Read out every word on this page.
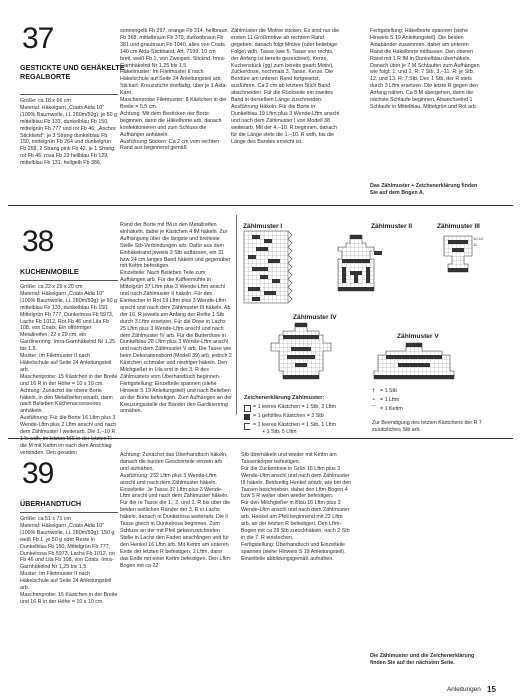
37
GESTICKTE UND GEHÄKELTE REGALBORTE
Größe: ca 18 x 66 cm
Material: Häkelgarn „Coats Aida 10" (100% Baumwolle, LL 280m/50g): je 50 g mittelblau Fb 133, dunkelblau Fb 150, mittelgrün Fb 777 und rot Fb 46; „Anchor Sticktwist": je 3 Strang dunkelblau Fb 150, mittelgrün Fb 264 und dunkelgrün Fb 268, 2 Strang pink Fb 42, je 1 Strang rot Fb 46, rosa Fb 23 hellblau Fb 129, mittelblau Fb 131, hellgelb Fb 386,
sonnengelb Fb 297, orange Fb 314, hellbraun Fb 368, mittelbraun Fb 370, dunkelbraun Fb 381 und graubraun Fb 1040, alles von Coats. 140 cm Aida-Stickband, Art. 7199, 10 cm breit, weiß Fb 1, von Zweigart. Sticknd. Imra-Garnhäkelnd Nr 1,25 bis 1,5.
Häkelmuster: Im Filetmuster II nach Häkelschule auf Seite 24 Anleitungsteil arb.
Stickart: Kreuzstiche dreifädig, über je 1 Aida-Karo.
Maschenprobe Filetmuster: 8 Kästchen in der Breite = 5,5 cm.
Achtung: Mit dem Besticken der Borte beginnen, dann die Häkelborte arb, danach konfektionieren und zum Schluss die Aufhänger anhäkeln.
Ausführung Sticken: Ca 2 cm vom rechten Rand aus beginnend gemäß
Zählmuster die Motive sticken. Es sind nur die ersten 11 Großmotive ab rechtem Rand gegeben, danach folgt Motive (oder beliebige Folge) wdh. Tasse (wie 5. Tasse von rechts, der Anfang ist bereits gezeichnet), Kerze, Kuchenstück (gg) zum bereits gearb Motiv), Zuckerdose, nochmals 3. Tasse, Kerze. Die Bordüre am unteren Rand fortgesetzt, ausführen. Ca 2 cm ab letztem Stich Band abschneiden. Für die Rückseite ein zweites Band in derselben Länge zuschneiden.
Ausführung Häkeln: Für die Borte in Dunkelblau 19 Lftm plus 3 Wende-Lftm anschl und nach dem Zählmuster I von Modell 38 weiterarb. Mit der 4.–10. R beginnen, danach für die Länge stets die 1.–10. R wdh, bis die Länge des Bandes erreicht ist.
Fertigstellung: Häkelborte spannen (siehe Hinweis S 19 Anleitungsteil). Die beiden Aidabänder zusammen, dabei am unteren Rand die Häkelborte mitfassen. Den oberen Rand mit 1 R fM in Dunkelblau überhäkeln. Danach über je 7 M Schlaufen zum Aufhängen wie folgt: 1. und 2. R: 7 Stb, 3.–11. R: je Stb, 12. und 13. R: 7 Stb, Dec 1 Stb, der R stets durch 3 Lftm ersetzen. Die letzte R gegen den Anfang nähen. Ca 8 M übergehen, dann die nächste Schlaufe beginnen. Abwechselnd 1 Schlaufe in Mittelblau, Mittelgrün und Rot arb.
Das Zählmuster + Zeichenerklärung finden Sie auf dem Bogen A.
38
KÜCHENMOBILE
Größe: ca 22 x 29 x 20 cm
Material: Häkelgarn „Coats Aida 10" (100% Baumwolle, LL 280m/50g): je 50 g mittelblau Fb 133, dunkelblau Fb 150, Mittelgrün Fb 777, Dunkelrosa Fb 5973, Lachs Fb 1012, Rot Fb 46 und Lila Fb 108, von Coats. Ein offörmiger Metallreifen, 22 x 29 cm, ein Gardinenring. Imra-Garnhäkelnd Nr 1,25 bis 1,5.
Muster: Im Filetmuster II nach Häkelschule auf Seite 24 Anleitungsteil arb.
Maschenprobe: 15 Kästchen in der Breite und 16 R in der Höhe = 10 x 10 cm.
Achtung: Zunächst die obere Borte häkeln, in den Metallreifen einarb, dann nach Belieben Küchenaccessoires anhäkeln.
Ausführung: Für die Borte 16 Lftm plus 3 Wende-Lftm plus 2 Lftm anschl und nach dem Zählmuster I weiterarb. Die 1.–10 R          die M mit Kettm im nach dem Anschlag verbinden. Den geraden
Rand der Borte mit fM in den Metallreifen einhäkeln, dabei je Kästchen 4 fM häkeln. Zur Aufhängung über die längste und breiteste Stelle Stb-Verbindungen arb. Dafür aus dem Einhäkelrand jeweils 3 Stb auffassen, ein 31 bzw 24 cm langes Band häkeln und gegenüber mit Kettm befestigen.
Einzelteile: Nach Belieben Teile zum Aufhängen arb. Für die Kaffeemühle in Mittelgrün 37 Lftm plus 3 Wende-Lftm anschl und nach Zählmuster II häkeln. Für den Eierbecher in Rot 19 Lftm plus 3 Wende-Lftm anschl und nach dem Zählmuster III häkeln. Ab der 10. R jeweils am Anfang der Reihe 1 Stb durch 3 Lftm ersetzen. Für die Dose in Lachs 25 Lftm plus 3 Wende-Lftm anschl und nach dem Zählmuster IV arb. Für die Butterdose in Dunkelblau 28 Lftm plus 3 Wende-Lftm anschl und nach dem Zählmuster V arb. Die Tasse wie beim Dekorationsbord (Modell 39) arb, jedoch 2 Kästchen schmaler und niedriger häkeln. Den Milchgießer in Lila erst in der 3. R des Zählmusters vom Überhandtuch beginnen.
Fertigstellung: Einzelteile spannen (siehe Hinweis S 19 Anleitungsteil) und nach Belieben an der Borte befestigen. Zum Aufhängen an der Kreuzungsstelle der Bänder den Gardinenring annähen.
Zählmuster I	Zählmuster II	Zählmuster III
Zählmuster IV
Zählmuster V
10-12
11
Zeichenerklärung Zählmuster:
= 1 leeres Kästchen = 1 Stb, 2 Lftm
= 1 gefülltes Kästchen = 3 Stb
= 1 leeres Kästchen = 1 Stb, 1 Lftm
+ 1 Stb, 5 Lftm
† = 1 Stb
∘ = 1 Lftm
⌒ = 1 Kettm
Zur Beendigung des letzten Kästchens der R 7 zusätzliches Stb arb.
39
ÜBERHANDTUCH
Größe: ca 51 x 71 cm
Material: Häkelgarn „Coats Aida 10" (100% Baumwolle, LL 280m/50g): 150 g weiß Fb 1, je 50 g oder Reste in Dunkelblau Fb 150, Mittelgrün Fb 777, Dunkelrosa Fb 5973, Lachs Fb 1012, rot Fb 46 und Lila Fb 108, von Coats. Imra-Garnhäkelnd Nr 1,25 bis 1,5.
Muster: Im Filetmuster II nach Häkelschule auf Seite 24 Anleitungsteil arb.
Maschenprobe: 15 Kästchen in der Breite und 16 R in der Höhe = 10 x 10 cm.
Achtung: Zunächst das Überhandtuch häkeln, danach die bunten Geschirrteile einzeln arb und aufnähen.
Ausführung: 232 Lftm plus 3 Wende-Lftm anschl und nach dem Zählmuster häkeln.
Einzelteile: Je Tasse 37 Lftm plus 3 Wende-Lftm anschl und nach dem Zählmuster häkeln. Für die re Tasse die 1., 2. und 3. R bis über die beiden seitlichen Ränder der 3. R in Lachs häkeln, danach in Dunkelrosa weiterarb. Die li Tasse gleich in Dunkelrosa beginnen. Zum Schluss an der mit Pfeil gekennzeichneten Stelle in Lachs den Faden anschlingen und für den Henkel 16 Lftm arb. Mit Kettm am unteren Ende der letzten R befestigen, 2 Lftm, dann das Ende mit einer Kettm befestigen. Den Lftm-Bogen mit ca 22
Stb überhäkeln und wieder mit Kettm am Tassenkörper befestigen.
Für die Zuckerdose in Grün 16 Lftm plus 3 Wende-Lftm anschl und nach dem Zählmuster III häkeln. Beidseitig Henkel anarb, wie bei den Tassen beschrieben, dabei den Lftm-Bogen 4 bzw 5 R weiter oben wieder befestigen.
Für den Milchgießer in Blau 16 Lftm plus 3 Wende-Lftm anschl und nach dem Zählmuster arb. Henkel am Pfeil beginnend mit 22 Lftm arb, an der letzten R befestigen. Den Lftm-Bogen mit ca 28 Stb zurückhäkeln, nach 2 Stb in die 7. R einstechen.
Fertigstellung: Überhandtuch und Einzelteile spannen (siehe Hinweis S 19 Anleitungsteil). Einzelteile abbildungsgemäß aufnähen.
Die Zählmuster und die Zeichenerklärung finden Sie auf der nächsten Seite.
Anleitungen 15
